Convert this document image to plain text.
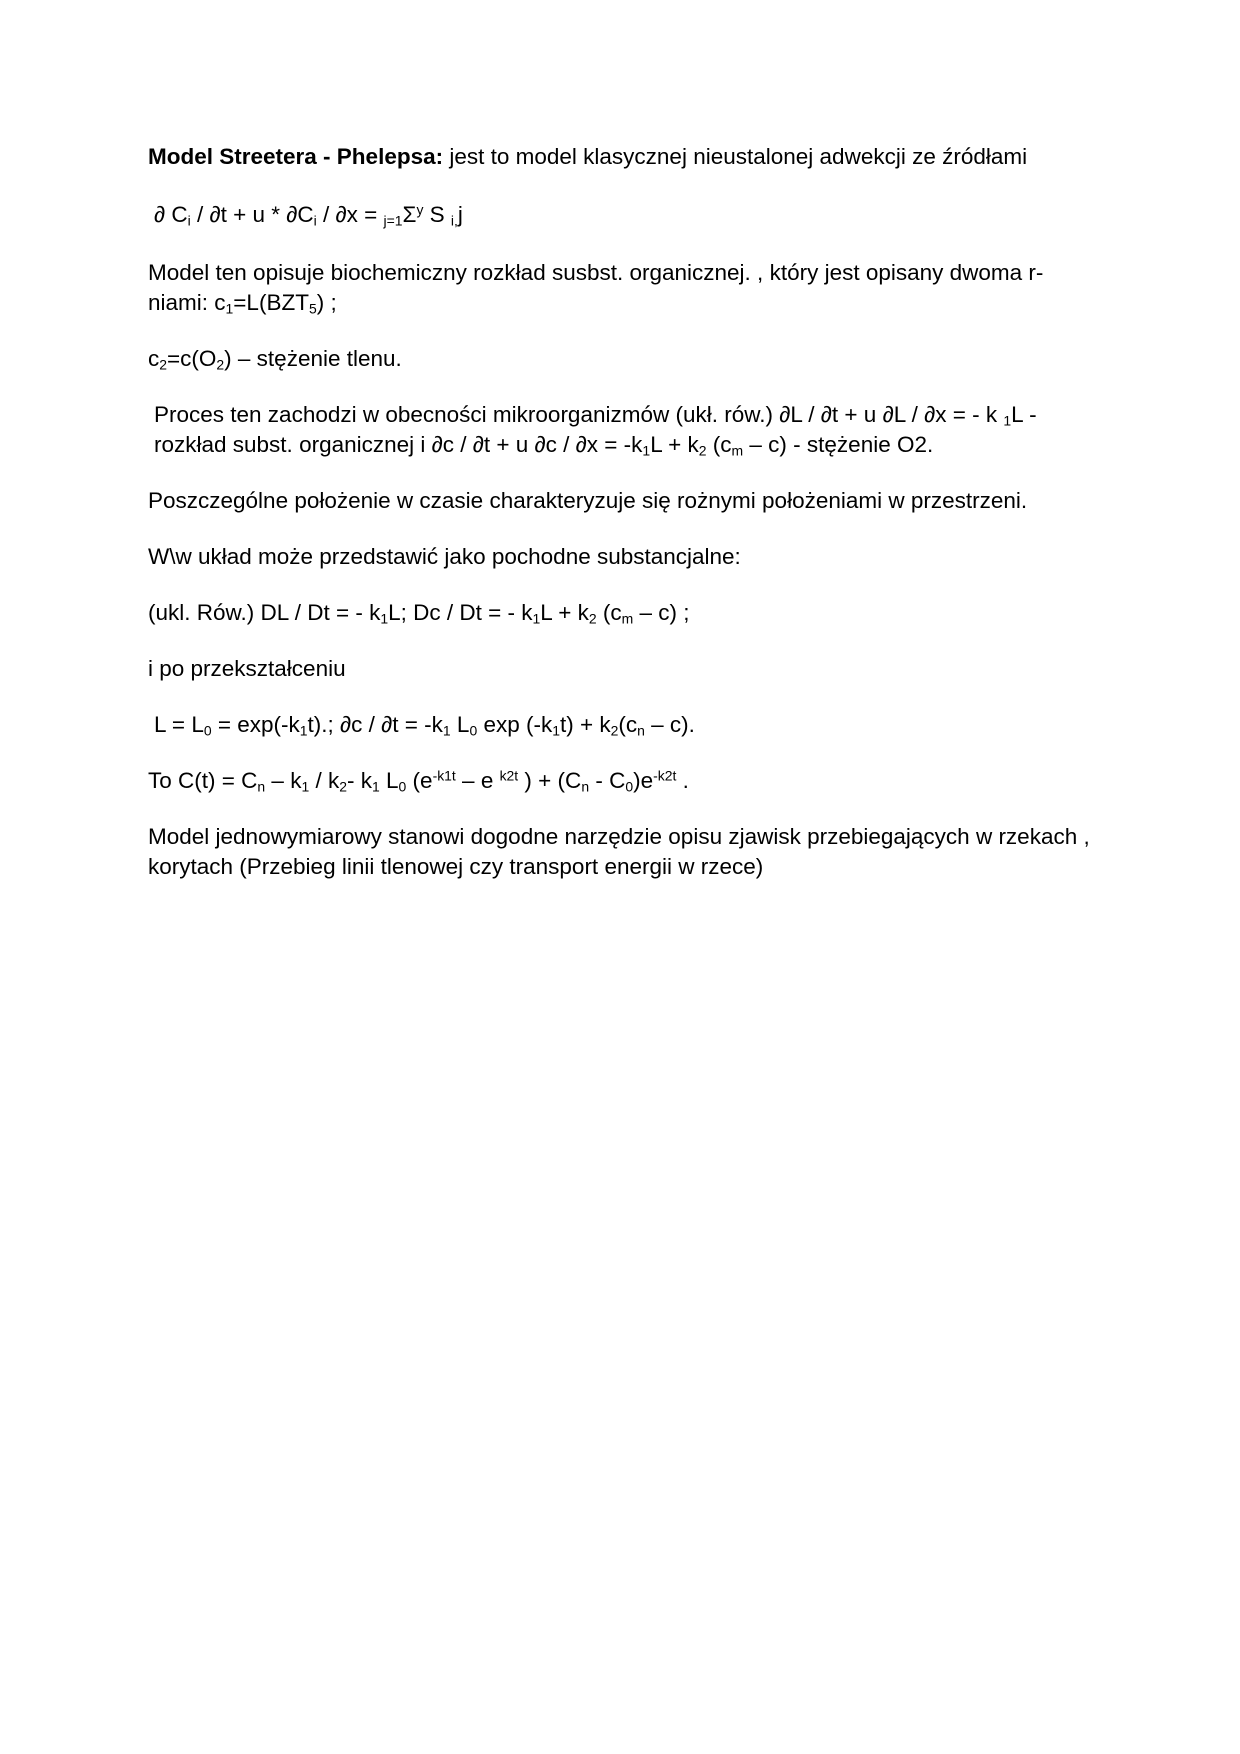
Model Streetera - Phelepsa: jest to model klasycznej nieustalonej adwekcji ze źródłami

∂ $C_i / \partial t + u * \partial C_i / \partial x = _{j=1}\Sigma^y$ S $_{i,}$j

Model ten opisuje biochemiczny rozkład susbst. organicznej. , który jest opisany dwoma r-niami: $c_1=L(BZT_5)$ ;

$c_2=c(O_2)$ – stężenie tlenu.

Proces ten zachodzi w obecności mikroorganizmów (ukł. rów.) ∂L / ∂t + u ∂L / ∂x = - k $_1$L - rozkład subst. organicznej i ∂c / ∂t + u $\partial c / \partial x = -k_1L + k_2$ $(c_m - c)$ - stężenie O2.

Poszczególne położenie w czasie charakteryzuje się rożnymi położeniami w przestrzeni.

W\w układ może przedstawić jako pochodne substancjalne:

(ukl. Rów.) DL / Dt = - $k_1L$; Dc / Dt = - $k_1L + k_2$ $(c_m - c)$ ;

i po przekształceniu

$L = L_0 = \exp(-k_1t)$.; $\partial c / \partial t = -k_1$ $L_0$ $\exp (-k_1t) + k_2(c_n - c)$.

To $C(t) = C_n - k_1 / k_2-$ $k_1$ $L_0$ ($e^{-k1t}$ – e $^{k2t}$ ) + $(C_n - C_0)e^{-k2t}$ .

Model jednowymiarowy stanowi dogodne narzędzie opisu zjawisk przebiegających w rzekach , korytach (Przebieg linii tlenowej czy transport energii w rzece)
